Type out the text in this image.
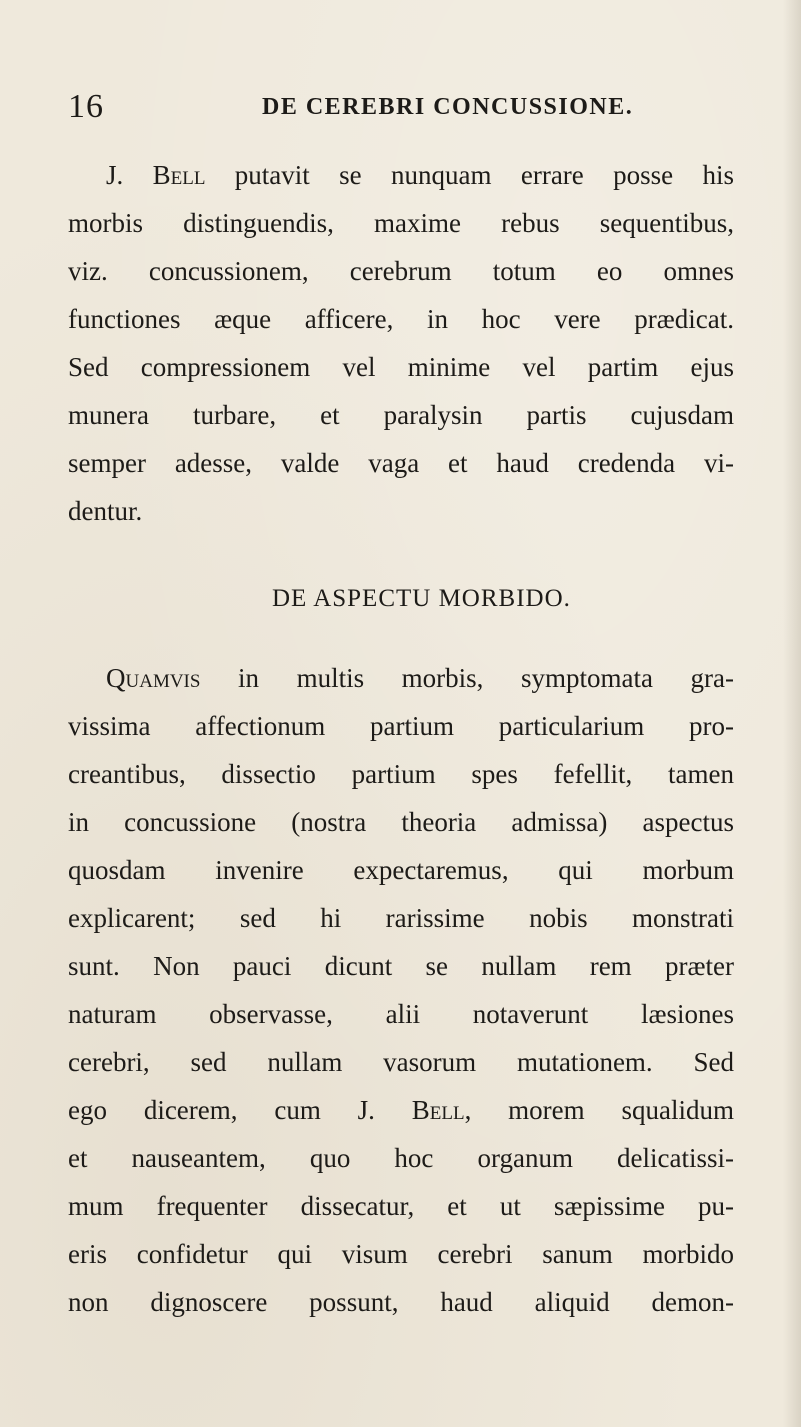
16	DE CEREBRI CONCUSSIONE.
J. Bell putavit se nunquam errare posse his
morbis distinguendis, maxime rebus sequentibus,
viz. concussionem, cerebrum totum eo omnes
functiones æque afficere, in hoc vere prædicat.
Sed compressionem vel minime vel partim ejus
munera turbare, et paralysin partis cujusdam
semper adesse, valde vaga et haud credenda vi-
dentur.
DE ASPECTU MORBIDO.
Quamvis in multis morbis, symptomata gra-
vissima affectionum partium particularium pro-
creantibus, dissectio partium spes fefellit, tamen
in concussione (nostra theoria admissa) aspectus
quosdam invenire expectaremus, qui morbum
explicarent; sed hi rarissime nobis monstrati
sunt. Non pauci dicunt se nullam rem præter
naturam observasse, alii notaverunt læsiones
cerebri, sed nullam vasorum mutationem. Sed
ego dicerem, cum J. Bell, morem squalidum
et nauseantem, quo hoc organum delicatissi-
mum frequenter dissecatur, et ut sæpissime pu-
eris confidetur qui visum cerebri sanum morbido
non dignoscere possunt, haud aliquid demon-
